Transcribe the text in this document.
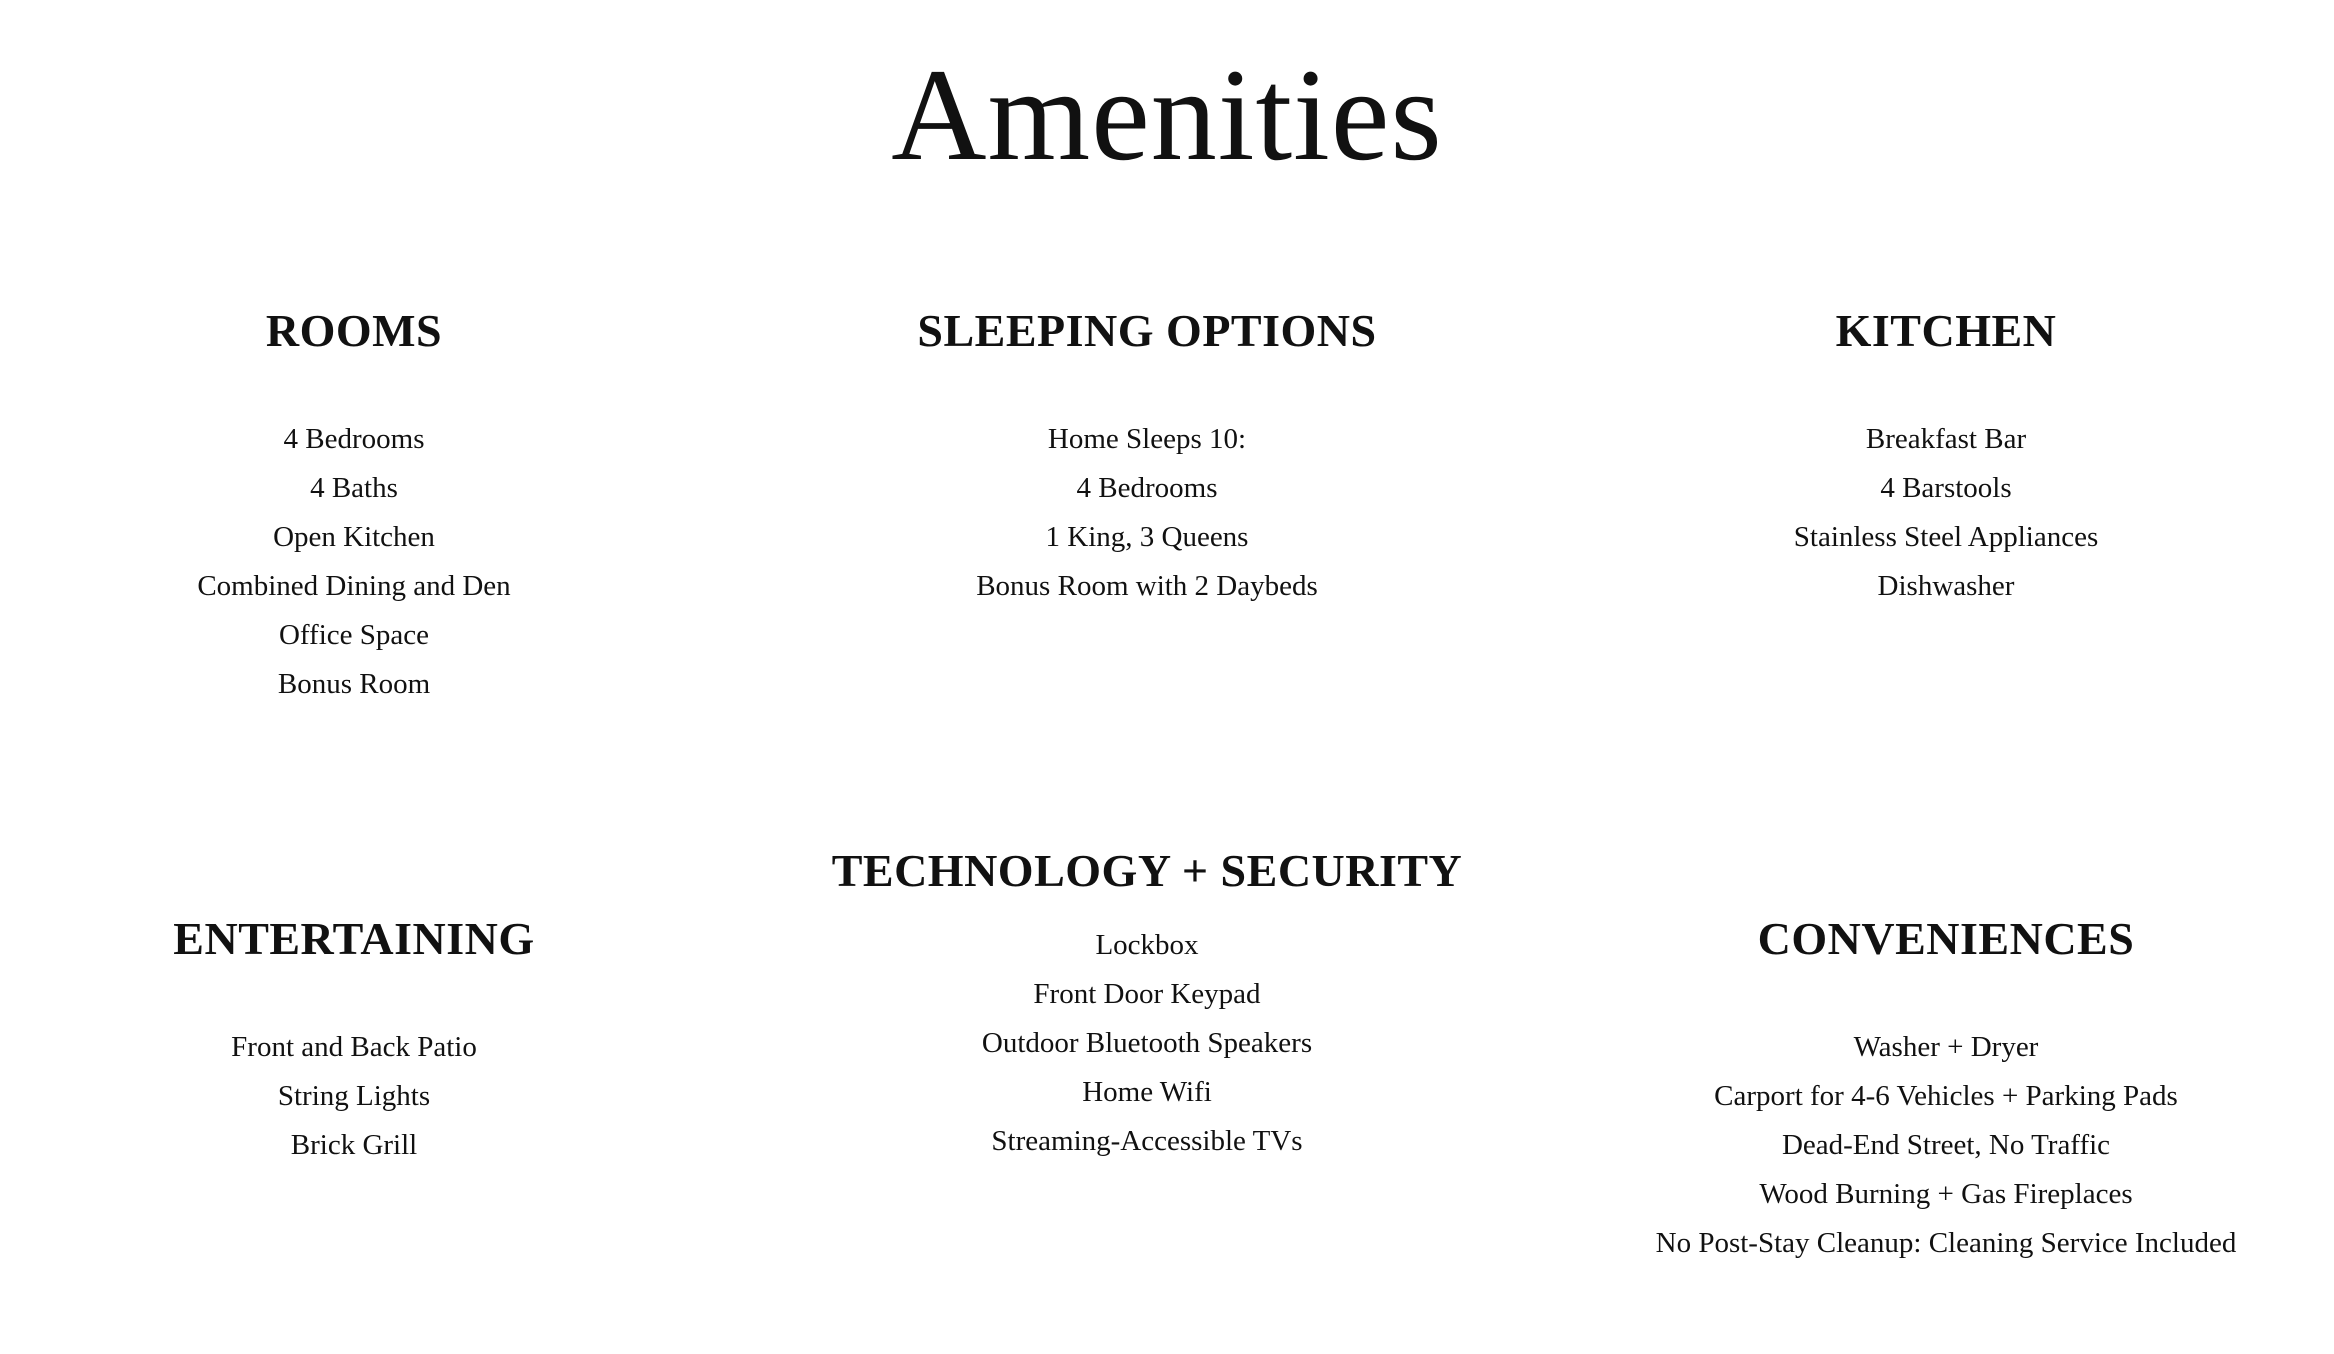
Amenities
ROOMS
4 Bedrooms
4 Baths
Open Kitchen
Combined Dining and Den
Office Space
Bonus Room
SLEEPING OPTIONS
Home Sleeps 10:
4 Bedrooms
1 King, 3 Queens
Bonus Room with 2 Daybeds
KITCHEN
Breakfast Bar
4 Barstools
Stainless Steel Appliances
Dishwasher
ENTERTAINING
Front and Back Patio
String Lights
Brick Grill
TECHNOLOGY + SECURITY
Lockbox
Front Door Keypad
Outdoor Bluetooth Speakers
Home Wifi
Streaming-Accessible TVs
CONVENIENCES
Washer + Dryer
Carport for 4-6 Vehicles + Parking Pads
Dead-End Street, No Traffic
Wood Burning + Gas Fireplaces
No Post-Stay Cleanup: Cleaning Service Included
